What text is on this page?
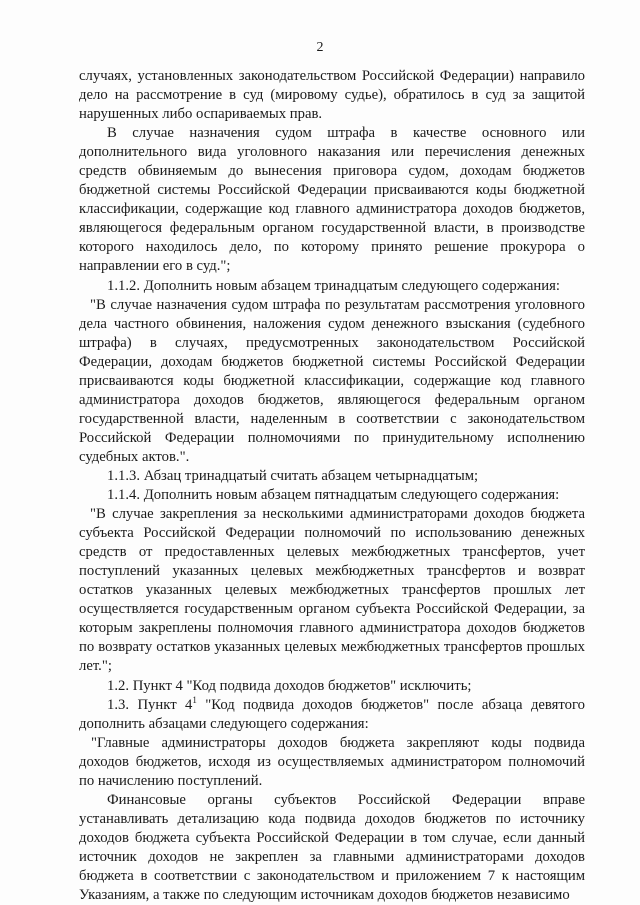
2

случаях, установленных законодательством Российской Федерации) направило дело на рассмотрение в суд (мировому судье), обратилось в суд за защитой нарушенных либо оспариваемых прав.

В случае назначения судом штрафа в качестве основного или дополнительного вида уголовного наказания или перечисления денежных средств обвиняемым до вынесения приговора судом, доходам бюджетов бюджетной системы Российской Федерации присваиваются коды бюджетной классификации, содержащие код главного администратора доходов бюджетов, являющегося федеральным органом государственной власти, в производстве которого находилось дело, по которому принято решение прокурора о направлении его в суд.";

1.1.2. Дополнить новым абзацем тринадцатым следующего содержания:

"В случае назначения судом штрафа по результатам рассмотрения уголовного дела частного обвинения, наложения судом денежного взыскания (судебного штрафа) в случаях, предусмотренных законодательством Российской Федерации, доходам бюджетов бюджетной системы Российской Федерации присваиваются коды бюджетной классификации, содержащие код главного администратора доходов бюджетов, являющегося федеральным органом государственной власти, наделенным в соответствии с законодательством Российской Федерации полномочиями по принудительному исполнению судебных актов.".

1.1.3. Абзац тринадцатый считать абзацем четырнадцатым;

1.1.4. Дополнить новым абзацем пятнадцатым следующего содержания:

"В случае закрепления за несколькими администраторами доходов бюджета субъекта Российской Федерации полномочий по использованию денежных средств от предоставленных целевых межбюджетных трансфертов, учет поступлений указанных целевых межбюджетных трансфертов и возврат остатков указанных целевых межбюджетных трансфертов прошлых лет осуществляется государственным органом субъекта Российской Федерации, за которым закреплены полномочия главного администратора доходов бюджетов по возврату остатков указанных целевых межбюджетных трансфертов прошлых лет.";

1.2. Пункт 4 "Код подвида доходов бюджетов" исключить;

1.3. Пункт $4^1$ "Код подвида доходов бюджетов" после абзаца девятого дополнить абзацами следующего содержания:

"Главные администраторы доходов бюджета закрепляют коды подвида доходов бюджетов, исходя из осуществляемых администратором полномочий по начислению поступлений.

Финансовые органы субъектов Российской Федерации вправе устанавливать детализацию кода подвида доходов бюджетов по источнику доходов бюджета субъекта Российской Федерации в том случае, если данный источник доходов не закреплен за главными администраторами доходов бюджета в соответствии с законодательством и приложением 7 к настоящим Указаниям, а также по следующим источникам доходов бюджетов независимо
